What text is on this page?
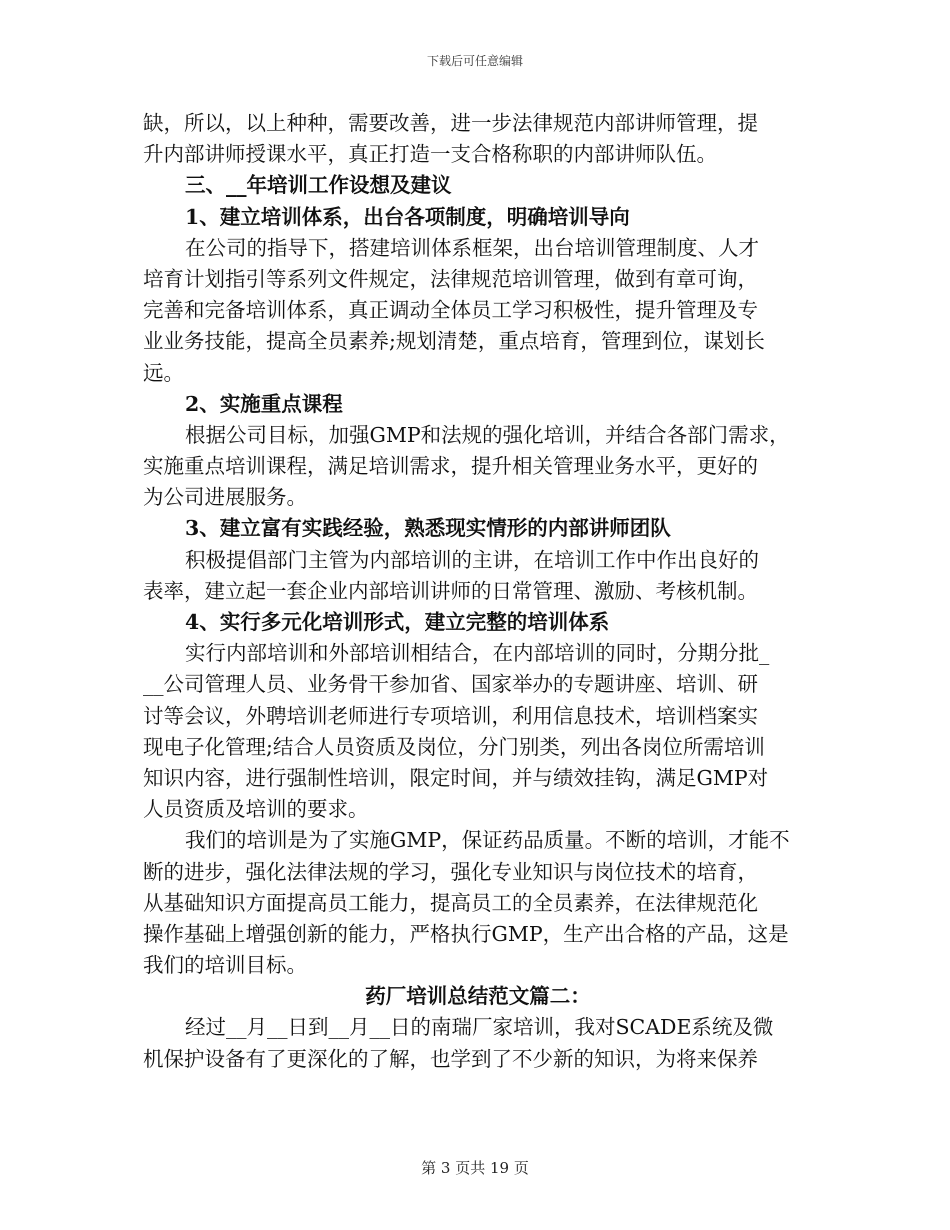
下载后可任意编辑
缺，所以，以上种种，需要改善，进一步法律规范内部讲师管理，提
升内部讲师授课水平，真正打造一支合格称职的内部讲师队伍。
三、__年培训工作设想及建议
1、建立培训体系，出台各项制度，明确培训导向
在公司的指导下，搭建培训体系框架，出台培训管理制度、人才
培育计划指引等系列文件规定，法律规范培训管理，做到有章可询，
完善和完备培训体系，真正调动全体员工学习积极性，提升管理及专
业业务技能，提高全员素养;规划清楚，重点培育，管理到位，谋划长
远。
2、实施重点课程
根据公司目标，加强GMP和法规的强化培训，并结合各部门需求，
实施重点培训课程，满足培训需求，提升相关管理业务水平，更好的
为公司进展服务。
3、建立富有实践经验，熟悉现实情形的内部讲师团队
积极提倡部门主管为内部培训的主讲，在培训工作中作出良好的
表率，建立起一套企业内部培训讲师的日常管理、激励、考核机制。
4、实行多元化培训形式，建立完整的培训体系
实行内部培训和外部培训相结合，在内部培训的同时，分期分批_
__公司管理人员、业务骨干参加省、国家举办的专题讲座、培训、研
讨等会议，外聘培训老师进行专项培训，利用信息技术，培训档案实
现电子化管理;结合人员资质及岗位，分门别类，列出各岗位所需培训
知识内容，进行强制性培训，限定时间，并与绩效挂钩，满足GMP对
人员资质及培训的要求。
我们的培训是为了实施GMP，保证药品质量。不断的培训，才能不
断的进步，强化法律法规的学习，强化专业知识与岗位技术的培育，
从基础知识方面提高员工能力，提高员工的全员素养，在法律规范化
操作基础上增强创新的能力，严格执行GMP，生产出合格的产品，这是
我们的培训目标。
药厂培训总结范文篇二：
经过__月__日到__月__日的南瑞厂家培训，我对SCADE系统及微
机保护设备有了更深化的了解，也学到了不少新的知识，为将来保养
第 3 页共 19 页
